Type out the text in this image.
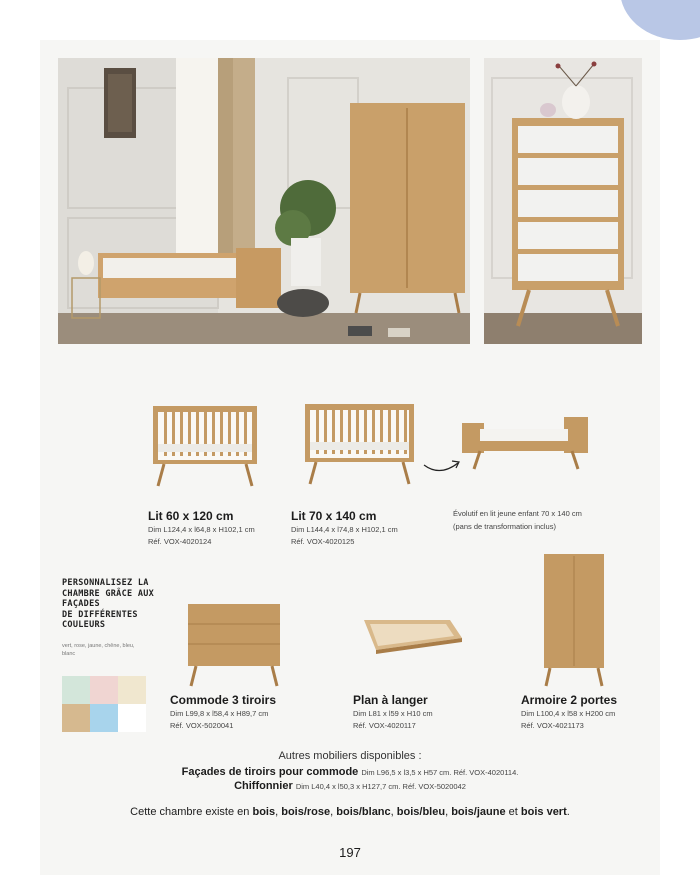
Lit 60 x 120 cm
Dim L124,4 x l64,8 x H102,1 cm
Réf. VOX-4020124
Lit 70 x 140 cm
Dim L144,4 x l74,8 x H102,1 cm
Réf. VOX-4020125
Évolutif en lit jeune enfant 70 x 140 cm
(pans de transformation inclus)
Commode 3 tiroirs
Dim L99,8 x l58,4 x H89,7 cm
Réf. VOX-5020041
Plan à langer
Dim L81 x l59 x H10 cm
Réf. VOX-4020117
Armoire 2 portes
Dim L100,4 x l58 x H200 cm
Réf. VOX-4021173
PERSONNALISEZ LA
CHAMBRE GRÂCE AUX
FAÇADES
DE DIFFÉRENTES
COULEURS
vert, rose, jaune, chêne, bleu,
blanc
Autres mobiliers disponibles :
Façades de tiroirs pour commode Dim L96,5 x l3,5 x H57 cm. Réf. VOX-4020114.
Chiffonnier Dim L40,4 x l50,3 x H127,7 cm. Réf. VOX-5020042
Cette chambre existe en bois, bois/rose, bois/blanc, bois/bleu, bois/jaune et bois vert.
197
